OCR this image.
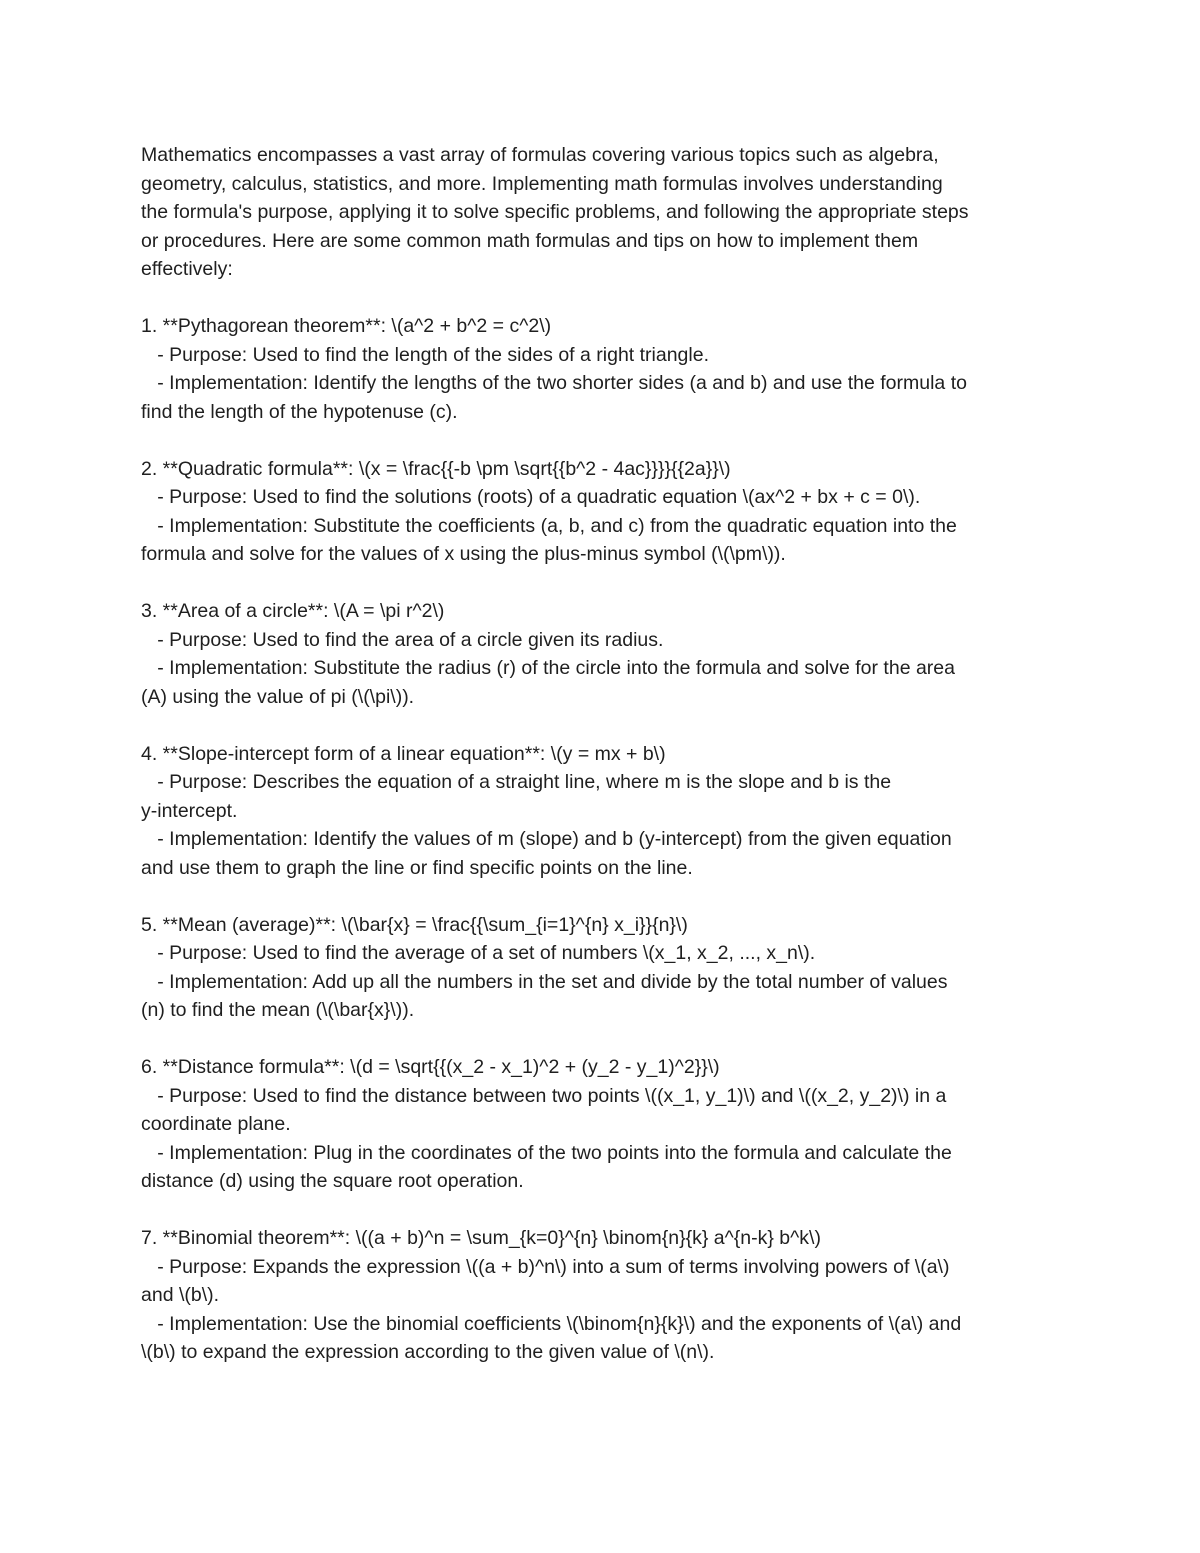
Mathematics encompasses a vast array of formulas covering various topics such as algebra,
geometry, calculus, statistics, and more. Implementing math formulas involves understanding
the formula's purpose, applying it to solve specific problems, and following the appropriate steps
or procedures. Here are some common math formulas and tips on how to implement them
effectively:
1. **Pythagorean theorem**: \(a^2 + b^2 = c^2\)
- Purpose: Used to find the length of the sides of a right triangle.
- Implementation: Identify the lengths of the two shorter sides (a and b) and use the formula to
find the length of the hypotenuse (c).
2. **Quadratic formula**: \(x = \frac{{-b \pm \sqrt{{b^2 - 4ac}}}}{{2a}}\)
- Purpose: Used to find the solutions (roots) of a quadratic equation \(ax^2 + bx + c = 0\).
- Implementation: Substitute the coefficients (a, b, and c) from the quadratic equation into the
formula and solve for the values of x using the plus-minus symbol (\(\pm\)).
3. **Area of a circle**: \(A = \pi r^2\)
- Purpose: Used to find the area of a circle given its radius.
- Implementation: Substitute the radius (r) of the circle into the formula and solve for the area
(A) using the value of pi (\(\pi\)).
4. **Slope-intercept form of a linear equation**: \(y = mx + b\)
- Purpose: Describes the equation of a straight line, where m is the slope and b is the
y-intercept.
- Implementation: Identify the values of m (slope) and b (y-intercept) from the given equation
and use them to graph the line or find specific points on the line.
5. **Mean (average)**: \(\bar{x} = \frac{{\sum_{i=1}^{n} x_i}}{n}\)
- Purpose: Used to find the average of a set of numbers \(x_1, x_2, ..., x_n\).
- Implementation: Add up all the numbers in the set and divide by the total number of values
(n) to find the mean (\(\bar{x}\)).
6. **Distance formula**: \(d = \sqrt{{(x_2 - x_1)^2 + (y_2 - y_1)^2}}\)
- Purpose: Used to find the distance between two points \((x_1, y_1)\) and \((x_2, y_2)\) in a
coordinate plane.
- Implementation: Plug in the coordinates of the two points into the formula and calculate the
distance (d) using the square root operation.
7. **Binomial theorem**: \((a + b)^n = \sum_{k=0}^{n} \binom{n}{k} a^{n-k} b^k\)
- Purpose: Expands the expression \((a + b)^n\) into a sum of terms involving powers of \(a\)
and \(b\).
- Implementation: Use the binomial coefficients \(\binom{n}{k}\) and the exponents of \(a\) and
\(b\) to expand the expression according to the given value of \(n\).
